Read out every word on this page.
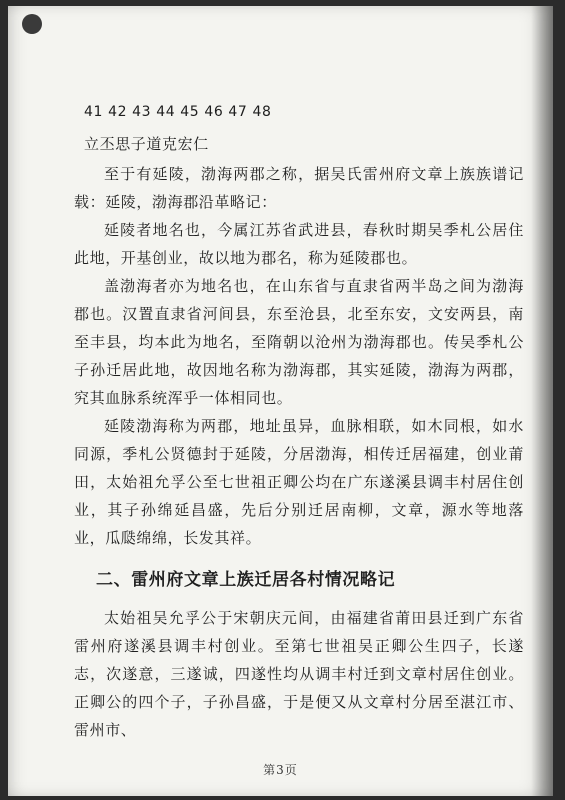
41 42 43 44 45 46 47 48

立丕思子道克宏仁

至于有延陵，渤海两郡之称，据吴氏雷州府文章上族族谱记载：延陵，渤海郡沿革略记：

延陵者地名也，今属江苏省武进县，春秋时期吴季札公居住此地，开基创业，故以地为郡名，称为延陵郡也。

盖渤海者亦为地名也，在山东省与直隶省两半岛之间为渤海郡也。汉置直隶省河间县，东至沧县，北至东安，文安两县，南至丰县，均本此为地名，至隋朝以沧州为渤海郡也。传吴季札公子孙迁居此地，故因地名称为渤海郡，其实延陵，渤海为两郡，究其血脉系统浑乎一体相同也。

延陵渤海称为两郡，地址虽异，血脉相联，如木同根，如水同源，季札公贤德封于延陵，分居渤海，相传迁居福建，创业莆田，太始祖允孚公至七世祖正卿公均在广东遂溪县调丰村居住创业，其子孙绵延昌盛，先后分别迁居南柳，文章，源水等地落业，瓜瓞绵绵，长发其祥。

二、雷州府文章上族迁居各村情况略记

太始祖吴允孚公于宋朝庆元间，由福建省莆田县迁到广东省雷州府遂溪县调丰村创业。至第七世祖吴正卿公生四子，长遂志，次遂意，三遂诚，四遂性均从调丰村迁到文章村居住创业。正卿公的四个子，子孙昌盛，于是便又从文章村分居至湛江市、雷州市、

第3页
